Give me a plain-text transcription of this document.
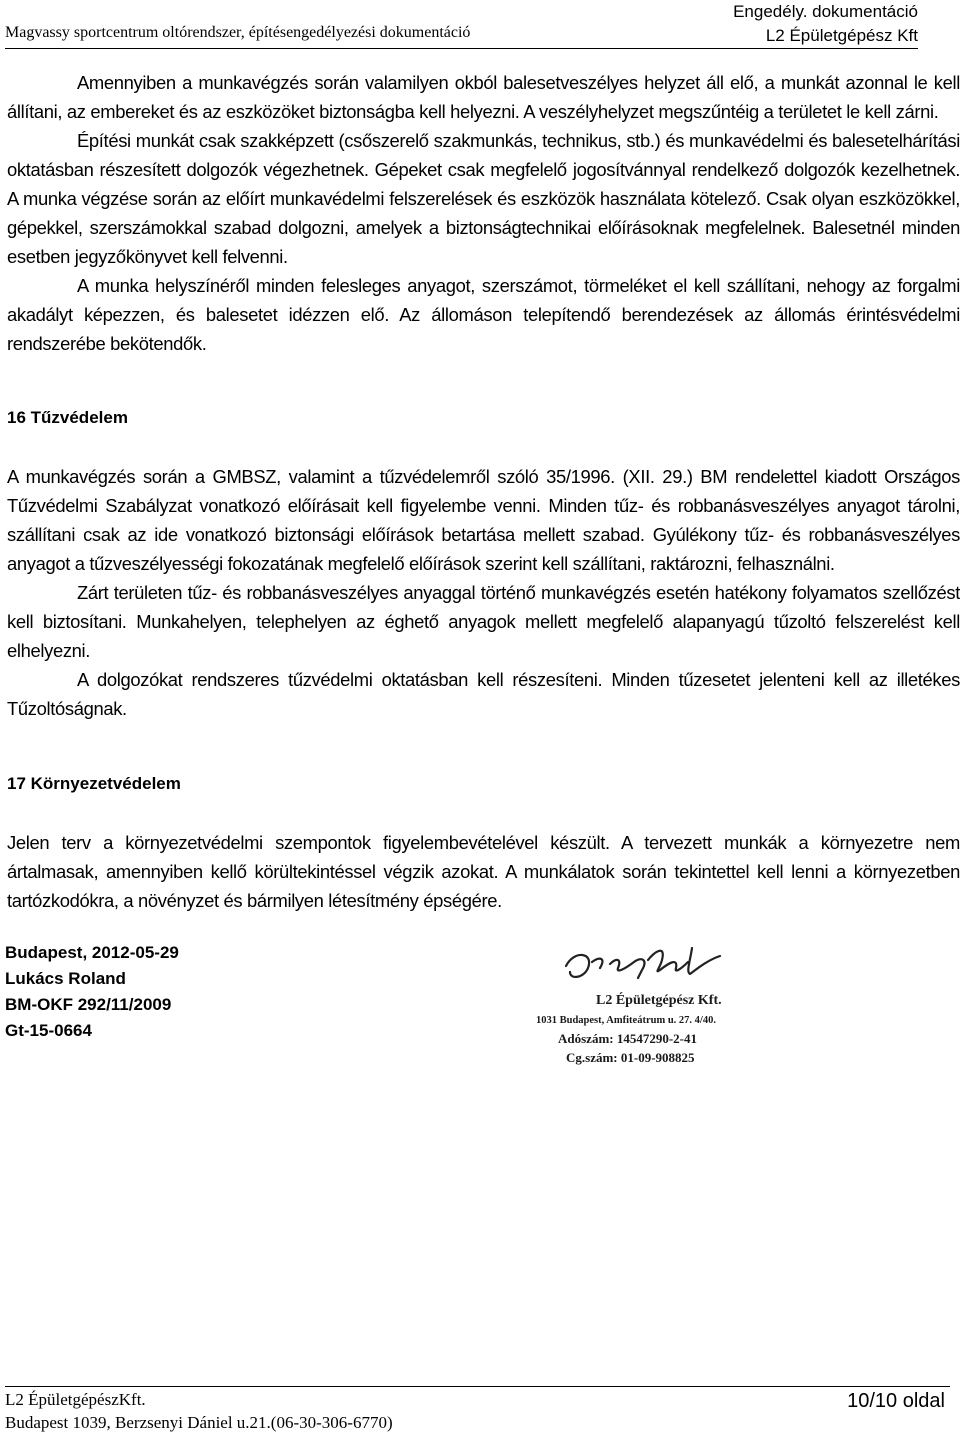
Magvassy sportcentrum oltórendszer, építésengedélyezési dokumentáció
Engedély. dokumentáció
L2 Épületgépész Kft

Amennyiben a munkavégzés során valamilyen okból balesetveszélyes helyzet áll elő, a munkát azonnal le kell állítani, az embereket és az eszközöket biztonságba kell helyezni. A veszélyhelyzet megszűntéig a területet le kell zárni.

Építési munkát csak szakképzett (csőszerelő szakmunkás, technikus, stb.) és munkavédelmi és balesetelhárítási oktatásban részesített dolgozók végezhetnek. Gépeket csak megfelelő jogosítvánnyal rendelkező dolgozók kezelhetnek. A munka végzése során az előírt munkavédelmi felszerelések és eszközök használata kötelező. Csak olyan eszközökkel, gépekkel, szerszámokkal szabad dolgozni, amelyek a biztonságtechnikai előírásoknak megfelelnek. Balesetnél minden esetben jegyzőkönyvet kell felvenni.

A munka helyszínéről minden felesleges anyagot, szerszámot, törmeléket el kell szállítani, nehogy az forgalmi akadályt képezzen, és balesetet idézzen elő. Az állomáson telepítendő berendezések az állomás érintésvédelmi rendszerébe bekötendők.

16 Tűzvédelem

A munkavégzés során a GMBSZ, valamint a tűzvédelemről szóló 35/1996. (XII. 29.) BM rendelettel kiadott Országos Tűzvédelmi Szabályzat vonatkozó előírásait kell figyelembe venni. Minden tűz- és robbanásveszélyes anyagot tárolni, szállítani csak az ide vonatkozó biztonsági előírások betartása mellett szabad. Gyúlékony tűz- és robbanásveszélyes anyagot a tűzveszélyességi fokozatának megfelelő előírások szerint kell szállítani, raktározni, felhasználni.

Zárt területen tűz- és robbanásveszélyes anyaggal történő munkavégzés esetén hatékony folyamatos szellőzést kell biztosítani. Munkahelyen, telephelyen az éghető anyagok mellett megfelelő alapanyagú tűzoltó felszerelést kell elhelyezni.

A dolgozókat rendszeres tűzvédelmi oktatásban kell részesíteni. Minden tűzesetet jelenteni kell az illetékes Tűzoltóságnak.

17 Környezetvédelem

Jelen terv a környezetvédelmi szempontok figyelembevételével készült. A tervezett munkák a környezetre nem ártalmasak, amennyiben kellő körültekintéssel végzik azokat. A munkálatok során tekintettel kell lenni a környezetben tartózkodókra, a növényzet és bármilyen létesítmény épségére.

Budapest, 2012-05-29
Lukács Roland
BM-OKF 292/11/2009
Gt-15-0664
L2 Épületgépész Kft.
1031 Budapest, Amfiteátrum u. 27. 4/40.
Adószám: 14547290-2-41
Cg.szám: 01-09-908825
L2 ÉpületgépészKft.
Budapest 1039, Berzsenyi Dániel u.21.(06-30-306-6770)
10/10 oldal
